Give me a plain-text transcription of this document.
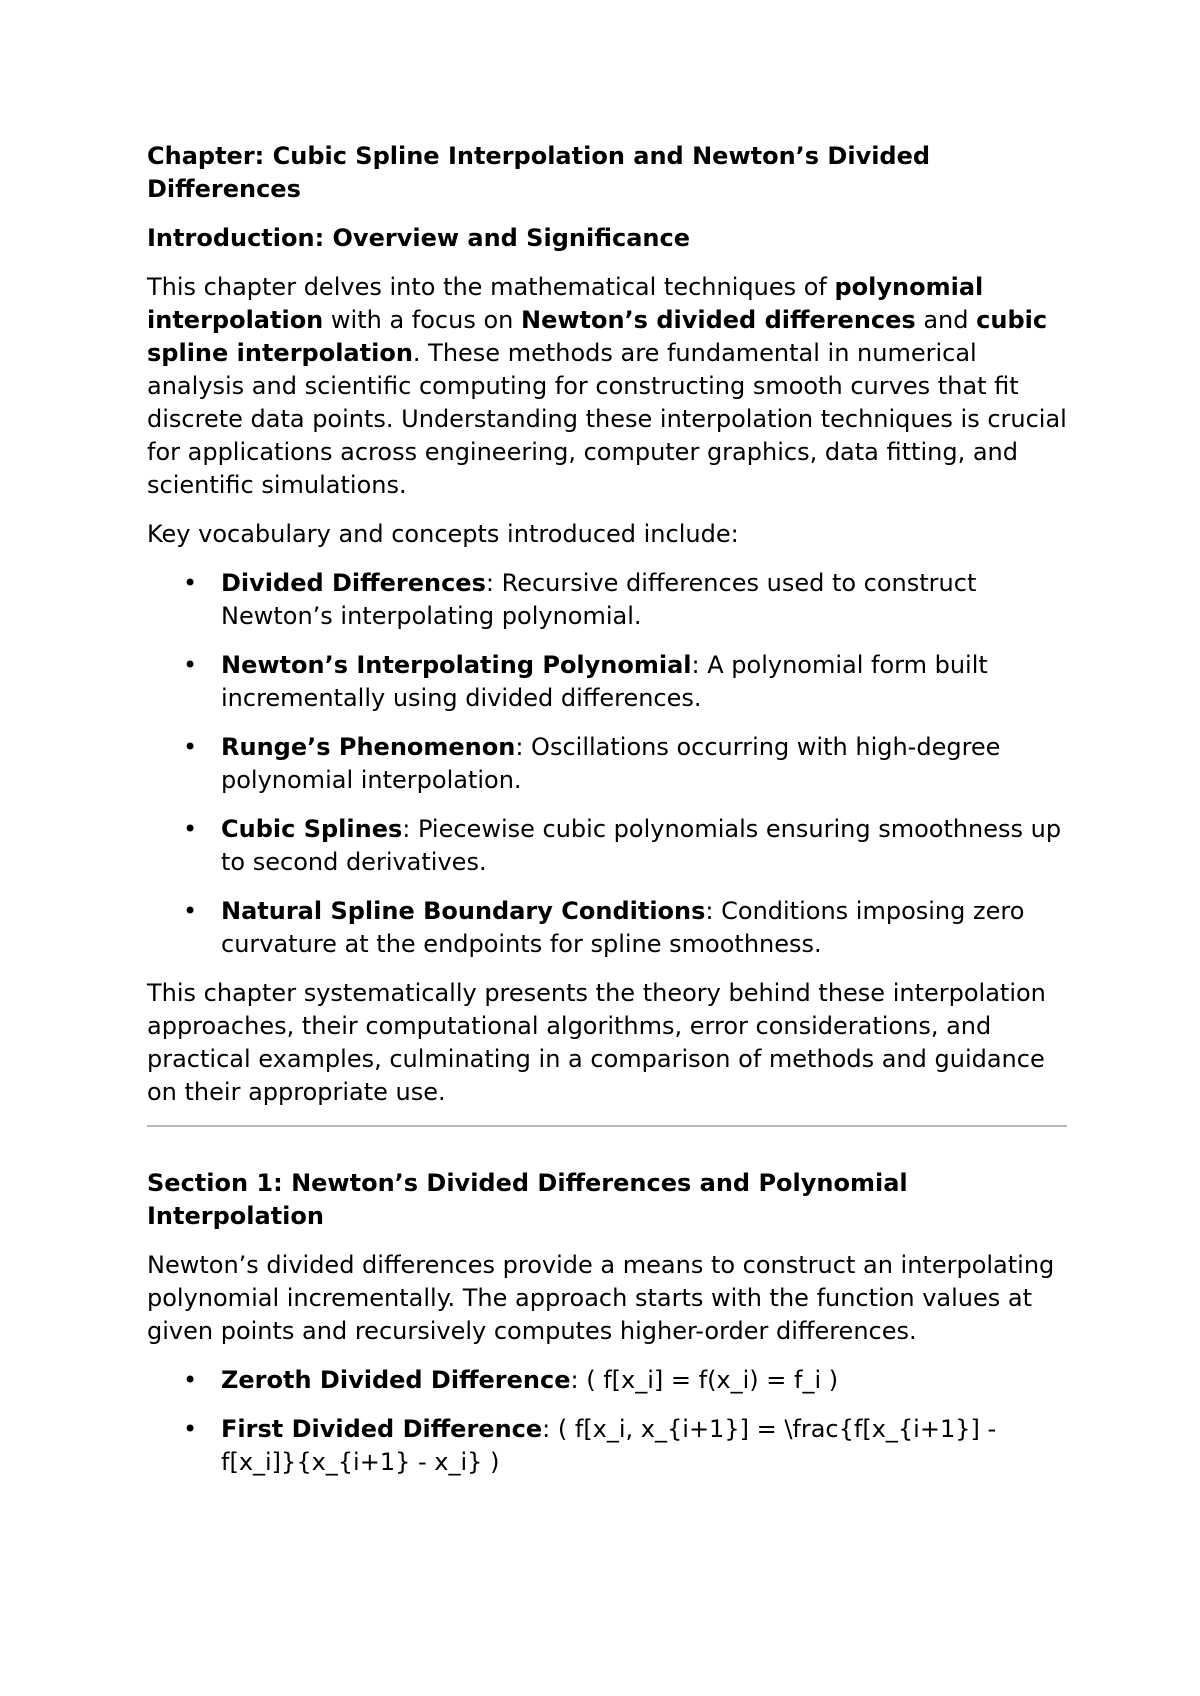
Chapter: Cubic Spline Interpolation and Newton’s Divided Differences
Introduction: Overview and Significance

This chapter delves into the mathematical techniques of polynomial interpolation with a focus on Newton’s divided differences and cubic spline interpolation. These methods are fundamental in numerical analysis and scientific computing for constructing smooth curves that fit discrete data points. Understanding these interpolation techniques is crucial for applications across engineering, computer graphics, data fitting, and scientific simulations.

Key vocabulary and concepts introduced include:

• Divided Differences: Recursive differences used to construct Newton’s interpolating polynomial.
• Newton’s Interpolating Polynomial: A polynomial form built incrementally using divided differences.
• Runge’s Phenomenon: Oscillations occurring with high-degree polynomial interpolation.
• Cubic Splines: Piecewise cubic polynomials ensuring smoothness up to second derivatives.
• Natural Spline Boundary Conditions: Conditions imposing zero curvature at the endpoints for spline smoothness.

This chapter systematically presents the theory behind these interpolation approaches, their computational algorithms, error considerations, and practical examples, culminating in a comparison of methods and guidance on their appropriate use.

Section 1: Newton’s Divided Differences and Polynomial Interpolation

Newton’s divided differences provide a means to construct an interpolating polynomial incrementally. The approach starts with the function values at given points and recursively computes higher-order differences.

• Zeroth Divided Difference: ( f[x_i] = f(x_i) = f_i )
• First Divided Difference: ( f[x_i, x_{i+1}] = \frac{f[x_{i+1}] - f[x_i]}{x_{i+1} - x_i} )
